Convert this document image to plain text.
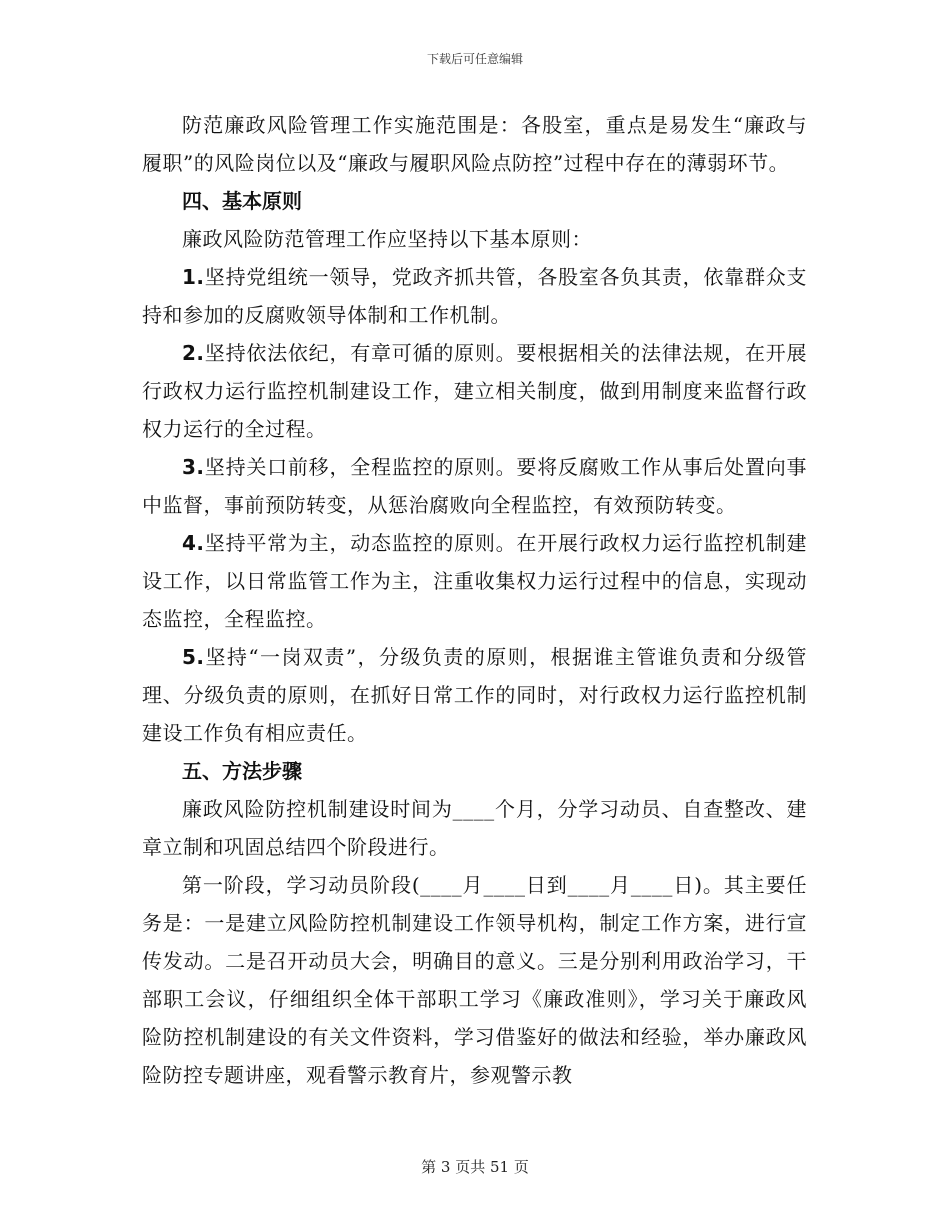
下载后可任意编辑

防范廉政风险管理工作实施范围是：各股室，重点是易发生“廉政与履职”的风险岗位以及“廉政与履职风险点防控”过程中存在的薄弱环节。

四、基本原则

廉政风险防范管理工作应坚持以下基本原则：

1.坚持党组统一领导，党政齐抓共管，各股室各负其责，依靠群众支持和参加的反腐败领导体制和工作机制。

2.坚持依法依纪，有章可循的原则。要根据相关的法律法规，在开展行政权力运行监控机制建设工作，建立相关制度，做到用制度来监督行政权力运行的全过程。

3.坚持关口前移，全程监控的原则。要将反腐败工作从事后处置向事中监督，事前预防转变，从惩治腐败向全程监控，有效预防转变。

4.坚持平常为主，动态监控的原则。在开展行政权力运行监控机制建设工作，以日常监管工作为主，注重收集权力运行过程中的信息，实现动态监控，全程监控。

5.坚持“一岗双责”，分级负责的原则，根据谁主管谁负责和分级管理、分级负责的原则，在抓好日常工作的同时，对行政权力运行监控机制建设工作负有相应责任。

五、方法步骤

廉政风险防控机制建设时间为____个月，分学习动员、自查整改、建章立制和巩固总结四个阶段进行。

第一阶段，学习动员阶段(____月____日到____月____日)。其主要任务是：一是建立风险防控机制建设工作领导机构，制定工作方案，进行宣传发动。二是召开动员大会，明确目的意义。三是分别利用政治学习，干部职工会议，仔细组织全体干部职工学习《廉政准则》，学习关于廉政风险防控机制建设的有关文件资料，学习借鉴好的做法和经验，举办廉政风险防控专题讲座，观看警示教育片，参观警示教

第 3 页共 51 页
